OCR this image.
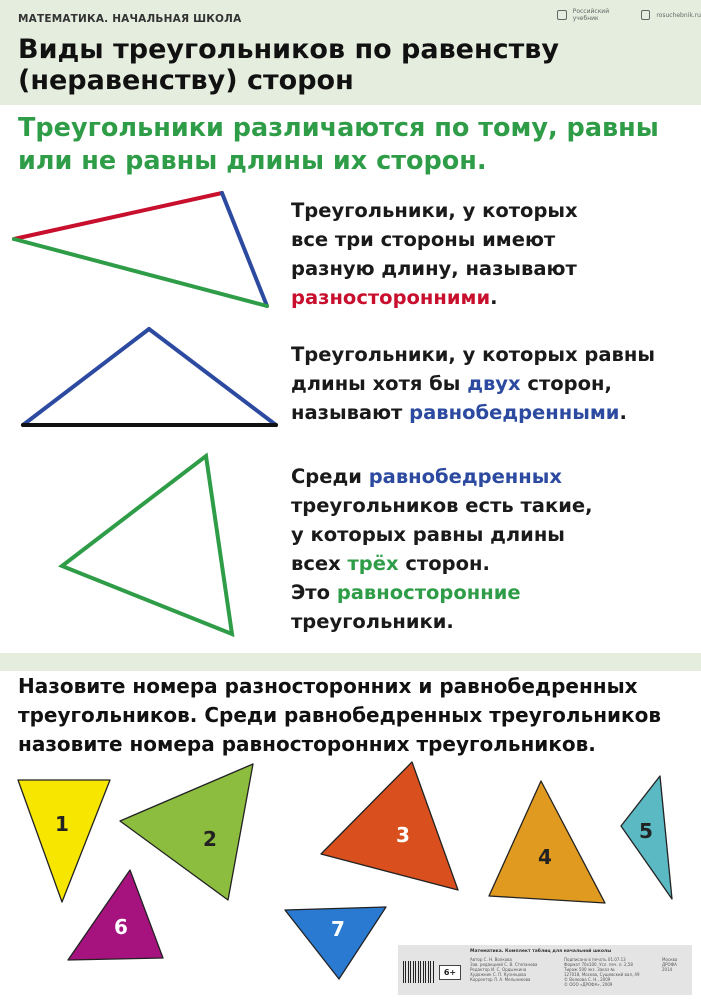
МАТЕМАТИКА. НАЧАЛЬНАЯ ШКОЛА
Российский учебник	rosuchebnik.ru
Виды треугольников по равенству
(неравенству) сторон
Треугольники различаются по тому, равны
или не равны длины их сторон.
Треугольники, у которых
все три стороны имеют
разную длину, называют
разносторонними.
Треугольники, у которых равны
длины хотя бы двух сторон,
называют равнобедренными.
Среди равнобедренных
треугольников есть такие,
у которых равны длины
всех трёх сторон.
Это равносторонние
треугольники.
1
2	3
4
5
6	7
Назовите номера разносторонних и равнобедренных
треугольников. Среди равнобедренных треугольников
назовите номера равносторонних треугольников.
6+
Математика. Комплект таблиц для начальной школы
Автор С. Н. Волкова
Зав. редакцией С. В. Степанова
Редактор И. С. Ордынкина
Художник С. П. Кузнецова
Корректор Л. А. Мельникова
Подписано в печать 01.07.13
Формат 70х100. Усл. печ. л. 2,58
Тираж 500 экз. Заказ №
127018, Москва, Сущевский вал, 49
© Волкова С. Н., 2009
© ООО «ДРОФА», 2009
Москва
ДРОФА
2014
